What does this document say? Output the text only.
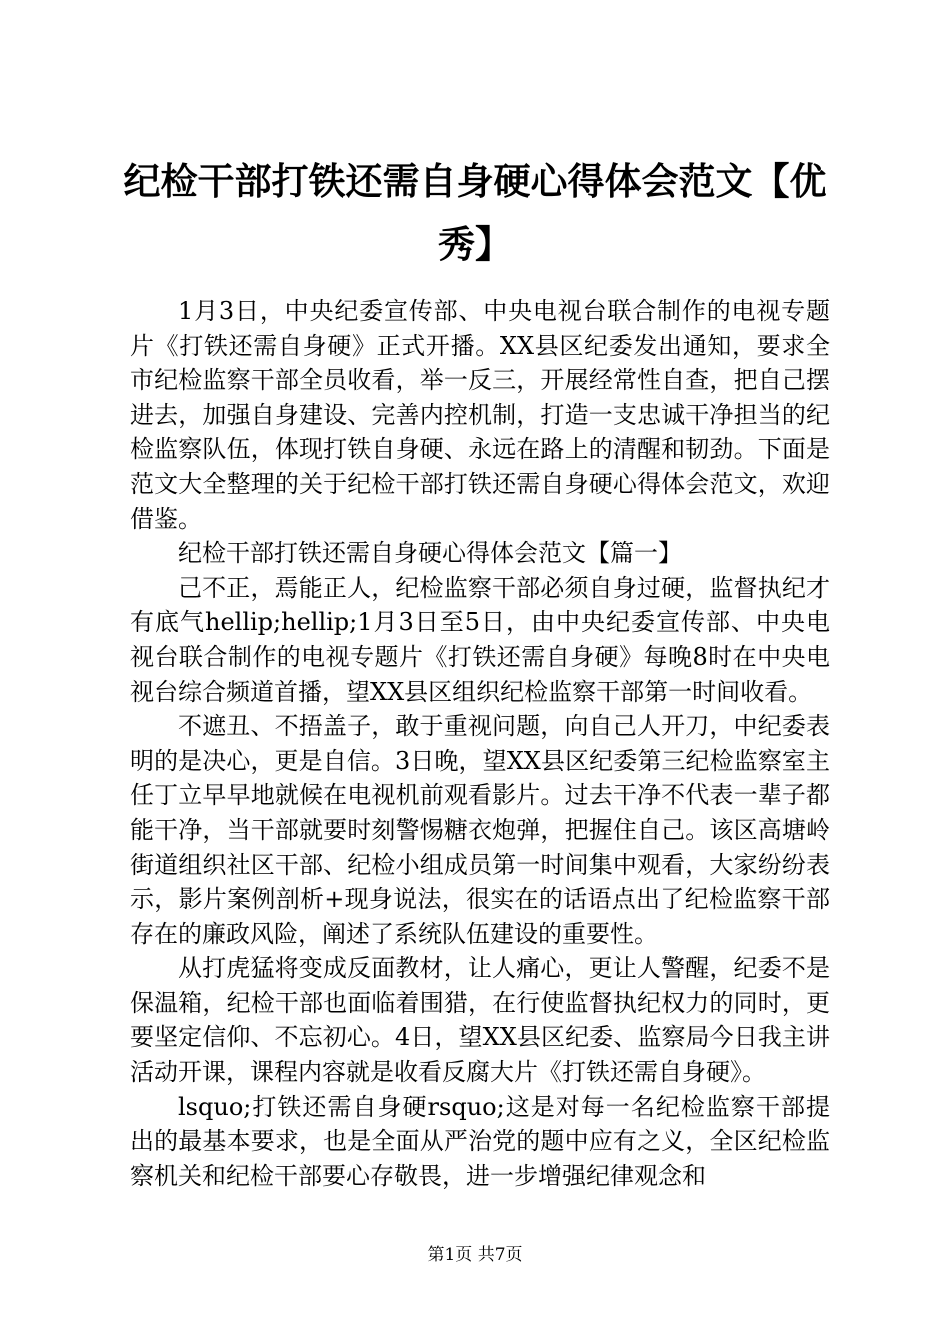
纪检干部打铁还需自身硬心得体会范文【优秀】

1月3日，中央纪委宣传部、中央电视台联合制作的电视专题片《打铁还需自身硬》正式开播。XX县区纪委发出通知，要求全市纪检监察干部全员收看，举一反三，开展经常性自查，把自己摆进去，加强自身建设、完善内控机制，打造一支忠诚干净担当的纪检监察队伍，体现打铁自身硬、永远在路上的清醒和韧劲。下面是范文大全整理的关于纪检干部打铁还需自身硬心得体会范文，欢迎借鉴。

纪检干部打铁还需自身硬心得体会范文【篇一】

己不正，焉能正人，纪检监察干部必须自身过硬，监督执纪才有底气hellip;hellip;1月3日至5日，由中央纪委宣传部、中央电视台联合制作的电视专题片《打铁还需自身硬》每晚8时在中央电视台综合频道首播，望XX县区组织纪检监察干部第一时间收看。

不遮丑、不捂盖子，敢于重视问题，向自己人开刀，中纪委表明的是决心，更是自信。3日晚，望XX县区纪委第三纪检监察室主任丁立早早地就候在电视机前观看影片。过去干净不代表一辈子都能干净，当干部就要时刻警惕糖衣炮弹，把握住自己。该区高塘岭街道组织社区干部、纪检小组成员第一时间集中观看，大家纷纷表示，影片案例剖析+现身说法，很实在的话语点出了纪检监察干部存在的廉政风险，阐述了系统队伍建设的重要性。

从打虎猛将变成反面教材，让人痛心，更让人警醒，纪委不是保温箱，纪检干部也面临着围猎，在行使监督执纪权力的同时，更要坚定信仰、不忘初心。4日，望XX县区纪委、监察局今日我主讲活动开课，课程内容就是收看反腐大片《打铁还需自身硬》。

lsquo;打铁还需自身硬rsquo;这是对每一名纪检监察干部提出的最基本要求，也是全面从严治党的题中应有之义，全区纪检监察机关和纪检干部要心存敬畏，进一步增强纪律观念和

第1页 共7页
